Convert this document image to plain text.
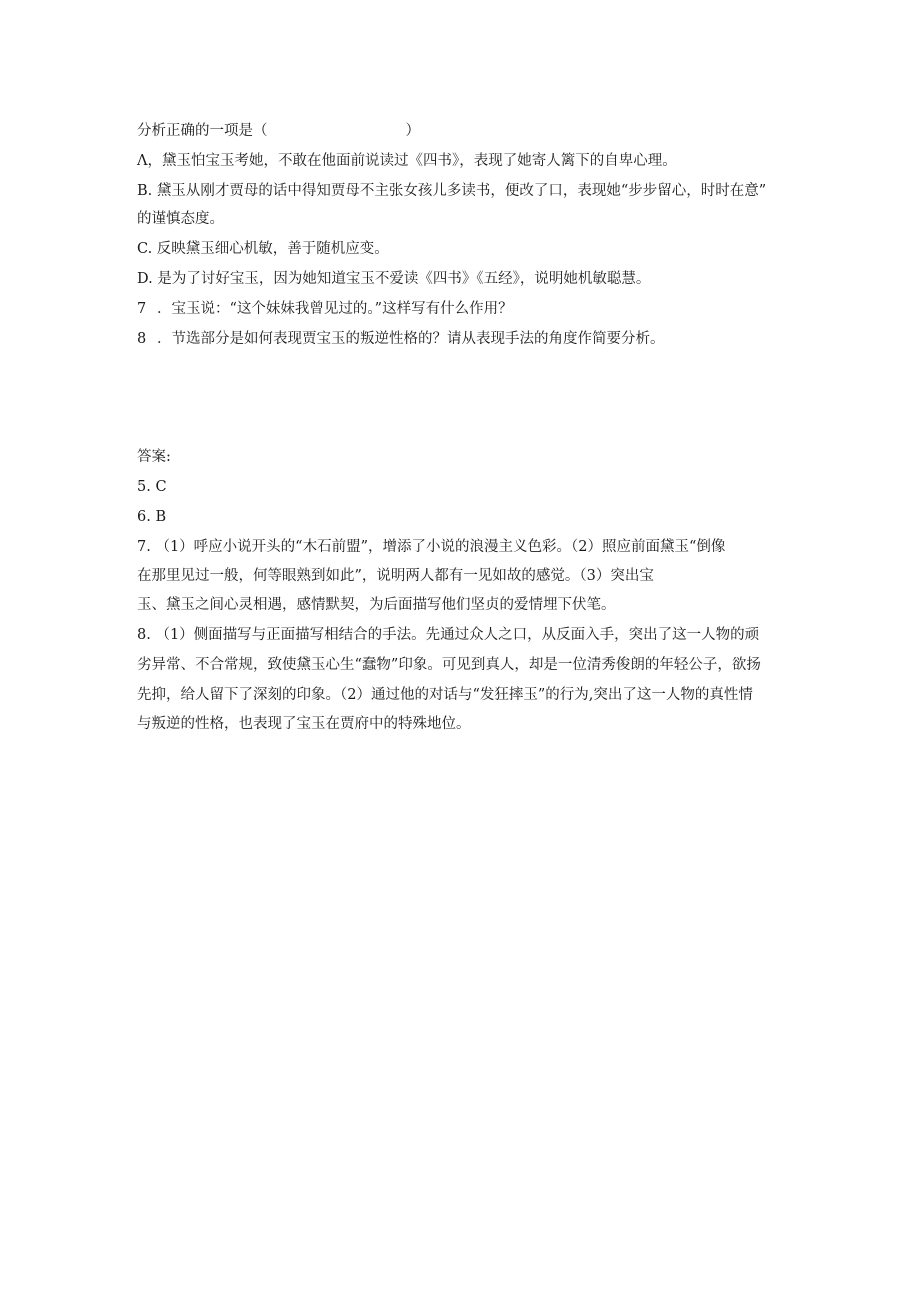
分析正确的一项是（	）
Λ，黛玉怕宝玉考她，不敢在他面前说读过《四书》，表现了她寄人篱下的自卑心理。
B. 黛玉从刚才贾母的话中得知贾母不主张女孩儿多读书，便改了口，表现她“步步留心，时时在意”
的谨慎态度。
C. 反映黛玉细心机敏，善于随机应变。
D. 是为了讨好宝玉，因为她知道宝玉不爱读《四书》《五经》，说明她机敏聪慧。
7 ．宝玉说：“这个妹妹我曾见过的。”这样写有什么作用？
8 ．节选部分是如何表现贾宝玉的叛逆性格的？请从表现手法的角度作简要分析。
答案:
5. C
6. B
7. （1）呼应小说开头的“木石前盟”，增添了小说的浪漫主义色彩。（2）照应前面黛玉“倒像
在那里见过一般，何等眼熟到如此”，说明两人都有一见如故的感觉。（3）突出宝
玉、黛玉之间心灵相遇，感情默契，为后面描写他们坚贞的爱情埋下伏笔。
8. （1）侧面描写与正面描写相结合的手法。先通过众人之口，从反面入手，突出了这一人物的顽
劣异常、不合常规，致使黛玉心生“蠢物”印象。可见到真人，却是一位清秀俊朗的年轻公子，欲扬
先抑，给人留下了深刻的印象。（2）通过他的对话与“发狂摔玉”的行为,突出了这一人物的真性情
与叛逆的性格，也表现了宝玉在贾府中的特殊地位。
